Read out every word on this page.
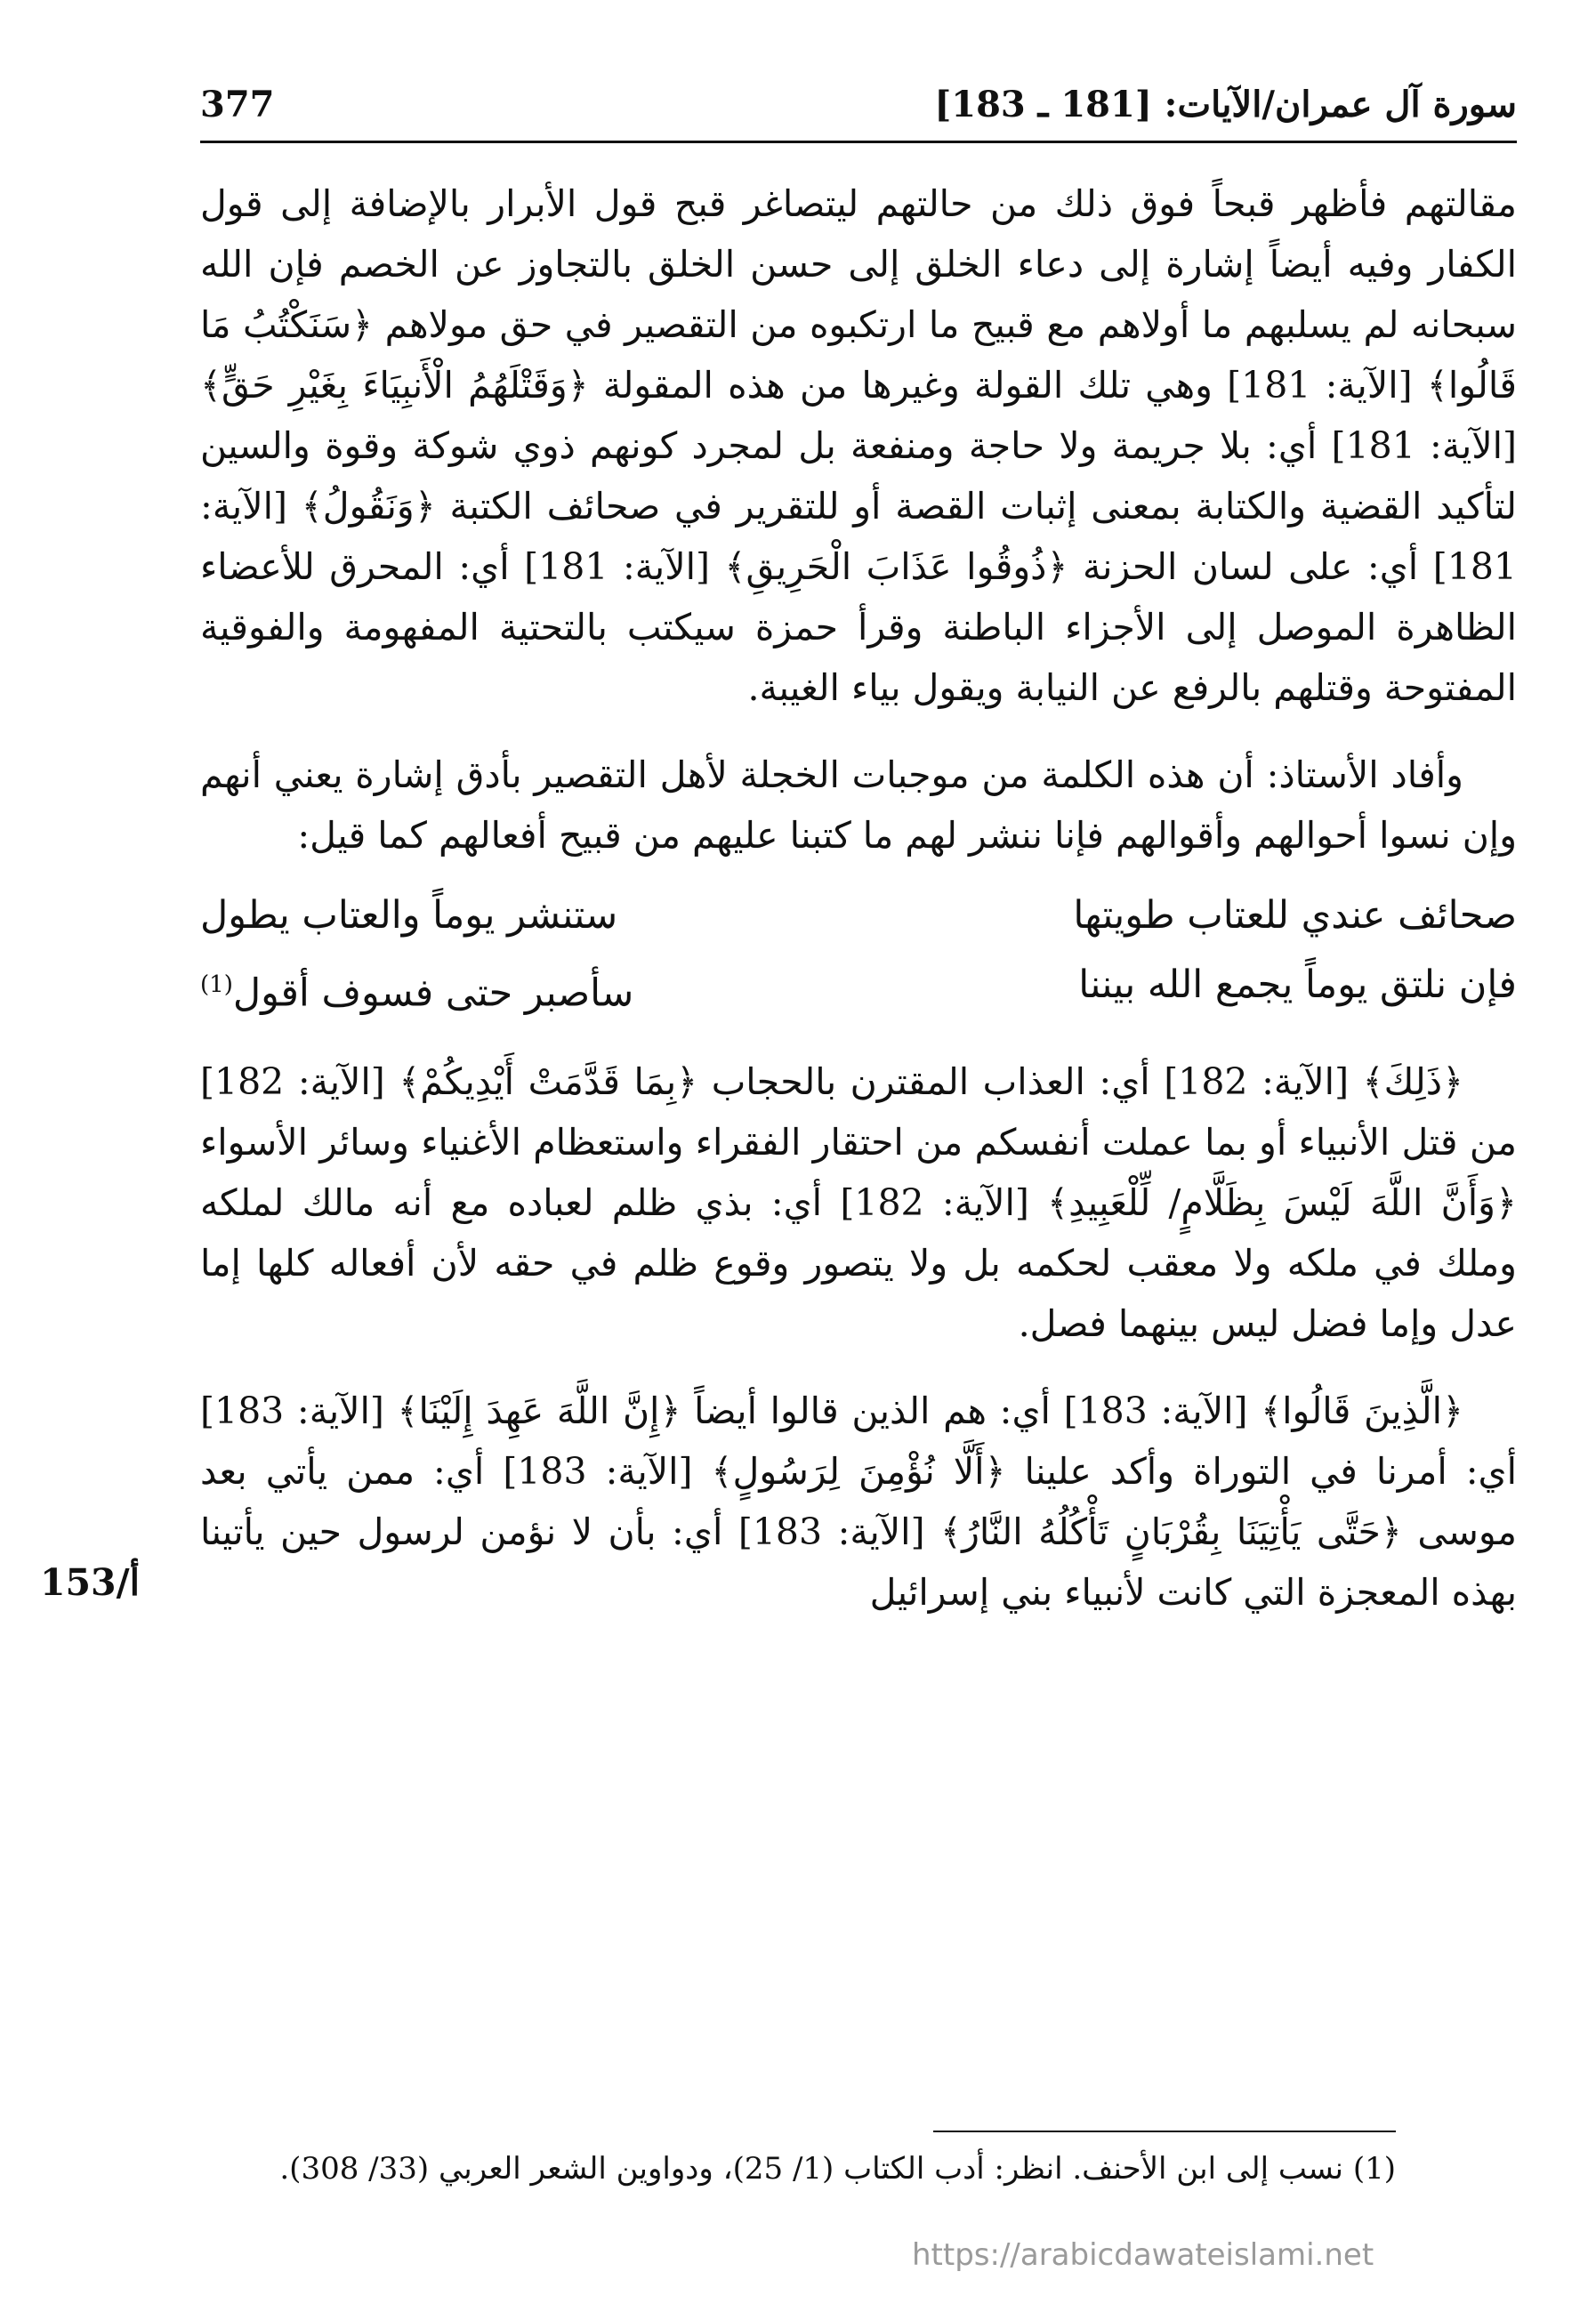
377	سورة آل عمران/الآيات: [181 ـ 183]

مقالتهم فأظهر قبحاً فوق ذلك من حالتهم ليتصاغر قبح قول الأبرار بالإضافة إلى قول الكفار وفيه أيضاً إشارة إلى دعاء الخلق إلى حسن الخلق بالتجاوز عن الخصم فإن الله سبحانه لم يسلبهم ما أولاهم مع قبيح ما ارتكبوه من التقصير في حق مولاهم ﴿سَنَكْتُبُ مَا قَالُوا﴾ [الآية: 181] وهي تلك القولة وغيرها من هذه المقولة ﴿وَقَتْلَهُمُ الْأَنبِيَاءَ بِغَيْرِ حَقٍّ﴾ [الآية: 181] أي: بلا جريمة ولا حاجة ومنفعة بل لمجرد كونهم ذوي شوكة وقوة والسين لتأكيد القضية والكتابة بمعنى إثبات القصة أو للتقرير في صحائف الكتبة ﴿وَنَقُولُ﴾ [الآية: 181] أي: على لسان الحزنة ﴿ذُوقُوا عَذَابَ الْحَرِيقِ﴾ [الآية: 181] أي: المحرق للأعضاء الظاهرة الموصل إلى الأجزاء الباطنة وقرأ حمزة سيكتب بالتحتية المفهومة والفوقية المفتوحة وقتلهم بالرفع عن النيابة ويقول بياء الغيبة.

وأفاد الأستاذ: أن هذه الكلمة من موجبات الخجلة لأهل التقصير بأدق إشارة يعني أنهم وإن نسوا أحوالهم وأقوالهم فإنا ننشر لهم ما كتبنا عليهم من قبيح أفعالهم كما قيل:

صحائف عندي للعتاب طويتها
ستنشر يوماً والعتاب يطول
فإن نلتق يوماً يجمع الله بيننا
سأصبر حتى فسوف أقول$^{(1)}$

﴿ذَلِكَ﴾ [الآية: 182] أي: العذاب المقترن بالحجاب ﴿بِمَا قَدَّمَتْ أَيْدِيكُمْ﴾ [الآية: 182] من قتل الأنبياء أو بما عملت أنفسكم من احتقار الفقراء واستعظام الأغنياء وسائر الأسواء ﴿وَأَنَّ اللَّهَ لَيْسَ بِظَلَّامٍ/ لِّلْعَبِيدِ﴾ [الآية: 182] أي: بذي ظلم لعباده مع أنه مالك لملكه وملك في ملكه ولا معقب لحكمه بل ولا يتصور وقوع ظلم في حقه لأن أفعاله كلها إما عدل وإما فضل ليس بينهما فصل.

﴿الَّذِينَ قَالُوا﴾ [الآية: 183] أي: هم الذين قالوا أيضاً ﴿إِنَّ اللَّهَ عَهِدَ إِلَيْنَا﴾ [الآية: 183] أي: أمرنا في التوراة وأكد علينا ﴿أَلَّا نُؤْمِنَ لِرَسُولٍ﴾ [الآية: 183] أي: ممن يأتي بعد موسى ﴿حَتَّى يَأْتِيَنَا بِقُرْبَانٍ تَأْكُلُهُ النَّارُ﴾ [الآية: 183] أي: بأن لا نؤمن لرسول حين يأتينا بهذه المعجزة التي كانت لأنبياء بني إسرائيل

153/أ
(1) نسب إلى ابن الأحنف. انظر: أدب الكتاب (1/ 25)، ودواوين الشعر العربي (33/ 308).
https://arabicdawateislami.net
